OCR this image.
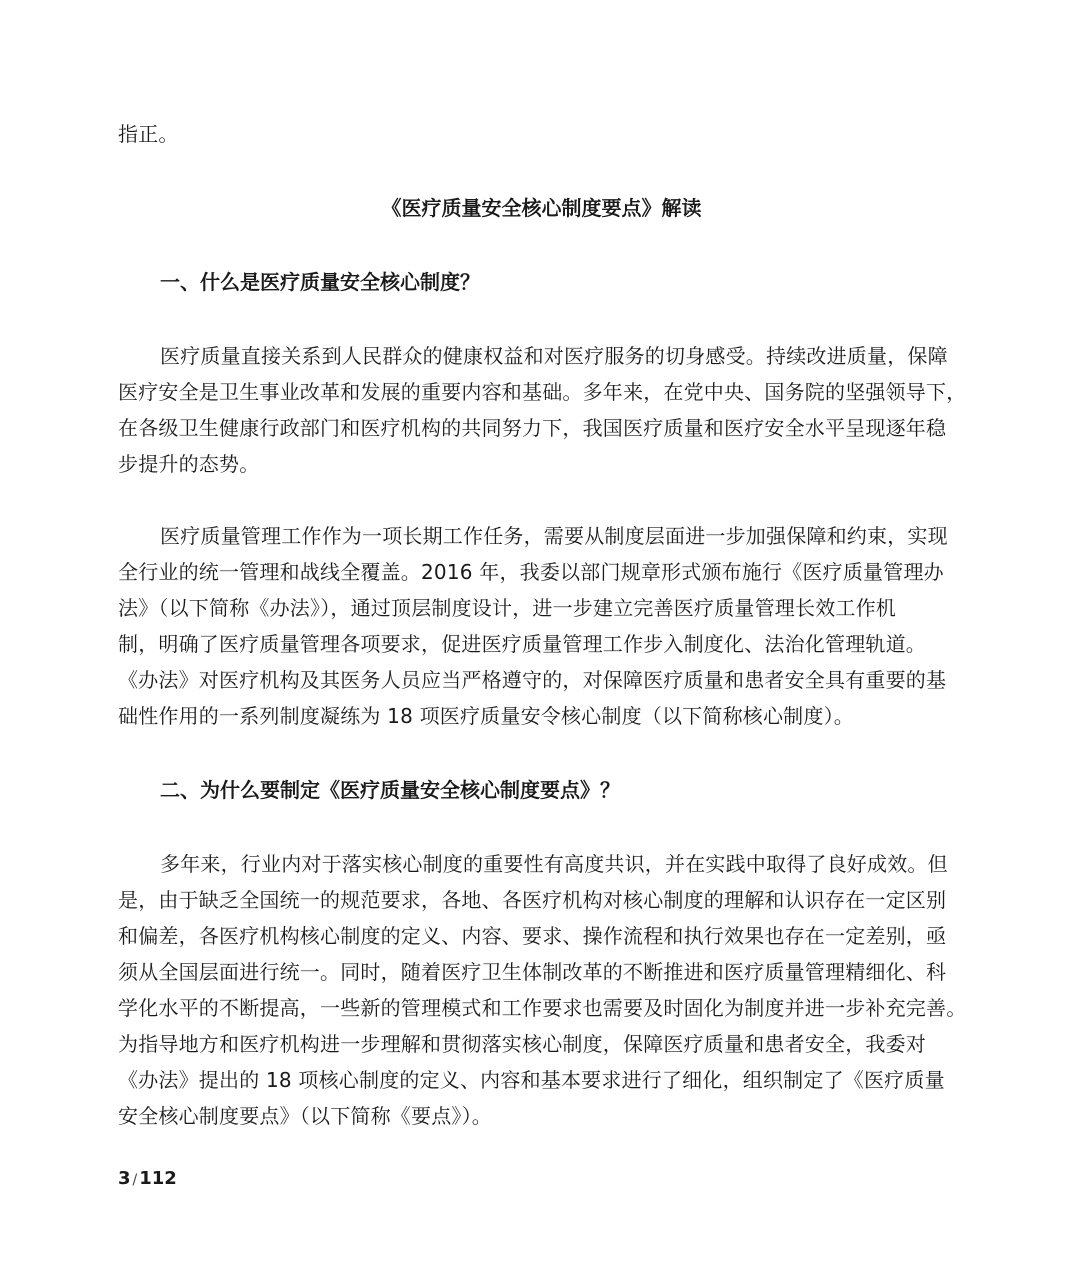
指正。
《医疗质量安全核心制度要点》解读
一、什么是医疗质量安全核心制度？
医疗质量直接关系到人民群众的健康权益和对医疗服务的切身感受。持续改进质量，保障
医疗安全是卫生事业改革和发展的重要内容和基础。多年来，在党中央、国务院的坚强领导下，
在各级卫生健康行政部门和医疗机构的共同努力下，我国医疗质量和医疗安全水平呈现逐年稳
步提升的态势。
医疗质量管理工作作为一项长期工作任务，需要从制度层面进一步加强保障和约束，实现
全行业的统一管理和战线全覆盖。2016 年，我委以部门规章形式颁布施行《医疗质量管理办
法》（以下简称《办法》），通过顶层制度设计，进一步建立完善医疗质量管理长效工作机
制，明确了医疗质量管理各项要求，促进医疗质量管理工作步入制度化、法治化管理轨道。
《办法》对医疗机构及其医务人员应当严格遵守的，对保障医疗质量和患者安全具有重要的基
础性作用的一系列制度凝练为 18 项医疗质量安令核心制度（以下简称核心制度）。
二、为什么要制定《医疗质量安全核心制度要点》？
多年来，行业内对于落实核心制度的重要性有高度共识，并在实践中取得了良好成效。但
是，由于缺乏全国统一的规范要求，各地、各医疗机构对核心制度的理解和认识存在一定区别
和偏差，各医疗机构核心制度的定义、内容、要求、操作流程和执行效果也存在一定差别，亟
须从全国层面进行统一。同时，随着医疗卫生体制改革的不断推进和医疗质量管理精细化、科
学化水平的不断提高，一些新的管理模式和工作要求也需要及时固化为制度并进一步补充完善。
为指导地方和医疗机构进一步理解和贯彻落实核心制度，保障医疗质量和患者安全，我委对
《办法》提出的 18 项核心制度的定义、内容和基本要求进行了细化，组织制定了《医疗质量
安全核心制度要点》（以下简称《要点》）。
3 / 112
